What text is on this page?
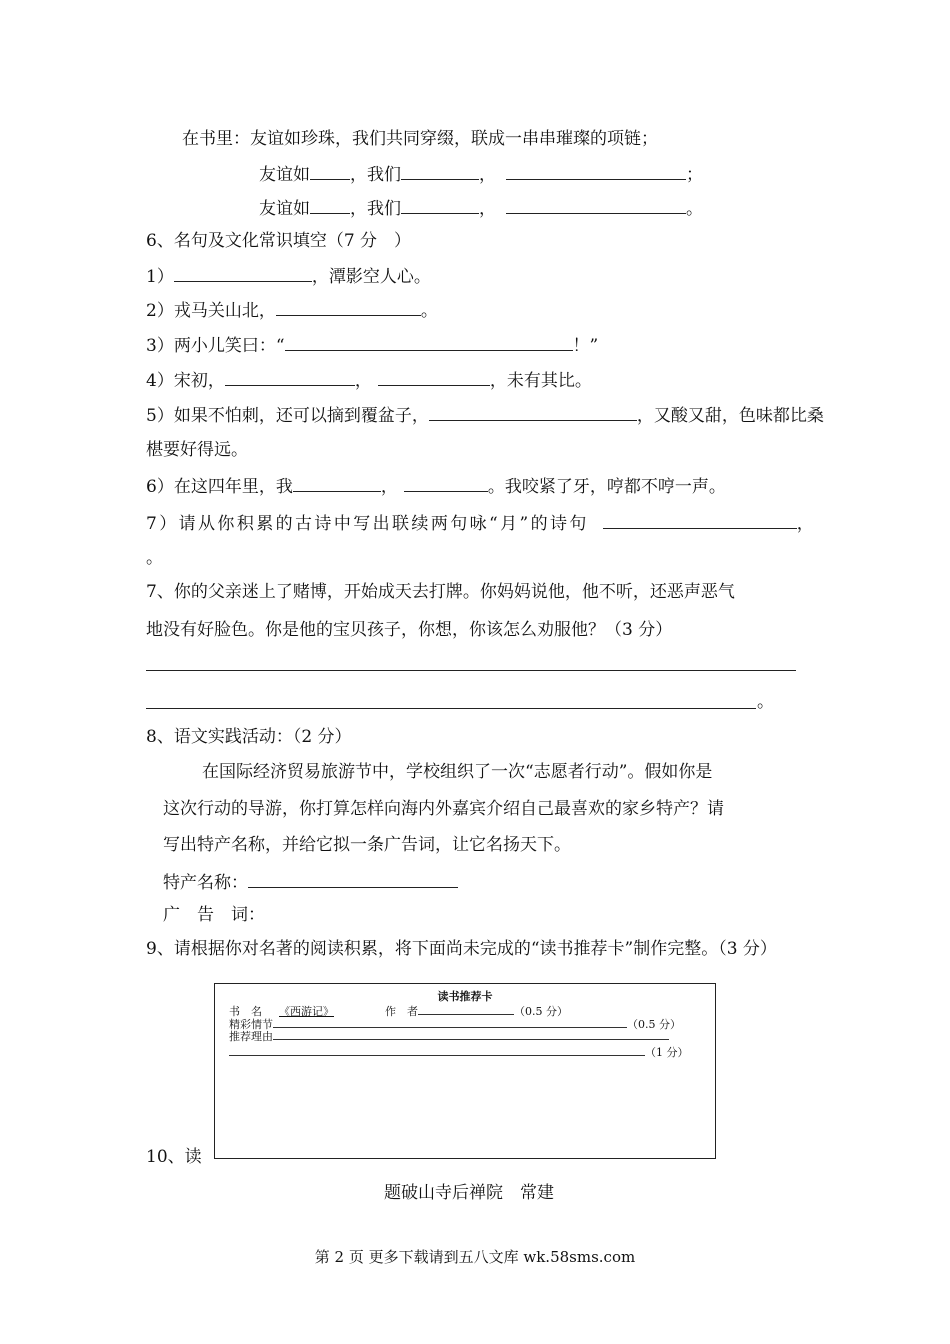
在书里：友谊如珍珠，我们共同穿缀，联成一串串璀璨的项链；
友谊如 ，我们	，	；
友谊如 ，我们	，	。
6、名句及文化常识填空（7 分　）
1）	，潭影空人心。
2）戎马关山北，	。
3）两小儿笑曰：“	！”
4）宋初，	，	，未有其比。
5）如果不怕刺，还可以摘到覆盆子，	，又酸又甜，色味都比桑
椹要好得远。
6）在这四年里，我	，	。我咬紧了牙，哼都不哼一声。
7）请从你积累的古诗中写出联续两句咏“月”的诗句	，
。
7、你的父亲迷上了赌博，开始成天去打牌。你妈妈说他，他不听，还恶声恶气
地没有好脸色。你是他的宝贝孩子，你想，你该怎么劝服他？（3 分）
。
8、语文实践活动：（2 分）
在国际经济贸易旅游节中，学校组织了一次“志愿者行动”。假如你是
这次行动的导游，你打算怎样向海内外嘉宾介绍自己最喜欢的家乡特产？请
写出特产名称，并给它拟一条广告词，让它名扬天下。
特产名称：
广　告　词：
9、请根据你对名著的阅读积累，将下面尚未完成的“读书推荐卡”制作完整。（3 分）
10、读
题破山寺后禅院　常建
读书推荐卡
书　名 《西游记》	作　者	（0.5 分）
精彩情节	（0.5 分）
推荐理由
（1 分）
第 2 页 更多下载请到五八文库 wk.58sms.com
